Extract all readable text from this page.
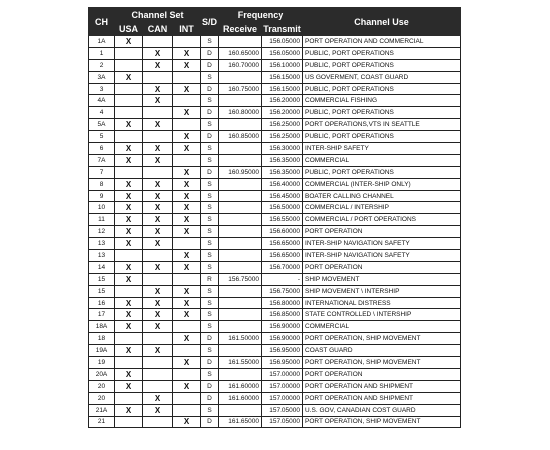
CH	Channel Set			S/D	Frequency		Channel Use
	USA	CAN	INT		Receive	Transmit	
1A	X			S		156.05000	PORT OPERATION AND COMMERCIAL
1		X	X	D	160.65000	156.05000	PUBLIC, PORT OPERATIONS
2		X	X	D	160.70000	156.10000	PUBLIC, PORT OPERATIONS
3A	X			S		156.15000	US GOVERMENT, COAST GUARD
3		X	X	D	160.75000	156.15000	PUBLIC, PORT OPERATIONS
4A		X		S		156.20000	COMMERCIAL FISHING
4			X	D	160.80000	156.20000	PUBLIC, PORT OPERATIONS
5A	X	X		S		156.25000	PORT OPERATIONS,VTS IN SEATTLE
5			X	D	160.85000	156.25000	PUBLIC, PORT OPERATIONS
6	X	X	X	S		156.30000	INTER-SHIP SAFETY
7A	X	X		S		156.35000	COMMERCIAL
7			X	D	160.95000	156.35000	PUBLIC, PORT OPERATIONS
8	X	X	X	S		156.40000	COMMERCIAL (INTER-SHIP ONLY)
9	X	X	X	S		156.45000	BOATER CALLING CHANNEL
10	X	X	X	S		156.50000	COMMERCIAL / INTERSHIP
11	X	X	X	S		156.55000	COMMERCIAL / PORT OPERATIONS
12	X	X	X	S		156.60000	PORT OPERATION
13	X	X		S		156.65000	INTER-SHIP NAVIGATION SAFETY
13			X	S		156.65000	INTER-SHIP NAVIGATION SAFETY
14	X	X	X	S		156.70000	PORT OPERATION
15	X			R	156.75000	-	SHIP MOVEMENT
15		X	X	S		156.75000	SHIP MOVEMENT \ INTERSHIP
16	X	X	X	S		156.80000	INTERNATIONAL DISTRESS
17	X	X	X	S		156.85000	STATE CONTROLLED \ INTERSHIP
18A	X	X		S		156.90000	COMMERCIAL
18			X	D	161.50000	156.90000	PORT OPERATION, SHIP MOVEMENT
19A	X	X		S		156.95000	COAST GUARD
19			X	D	161.55000	156.95000	PORT OPERATION, SHIP MOVEMENT
20A	X			S		157.00000	PORT OPERATION
20	X		X	D	161.60000	157.00000	PORT OPERATION AND SHIPMENT
20		X		D	161.60000	157.00000	PORT OPERATION AND SHIPMENT
21A	X	X		S		157.05000	U.S. GOV, CANADIAN COST GUARD
21			X	D	161.65000	157.05000	PORT OPERATION, SHIP MOVEMENT
